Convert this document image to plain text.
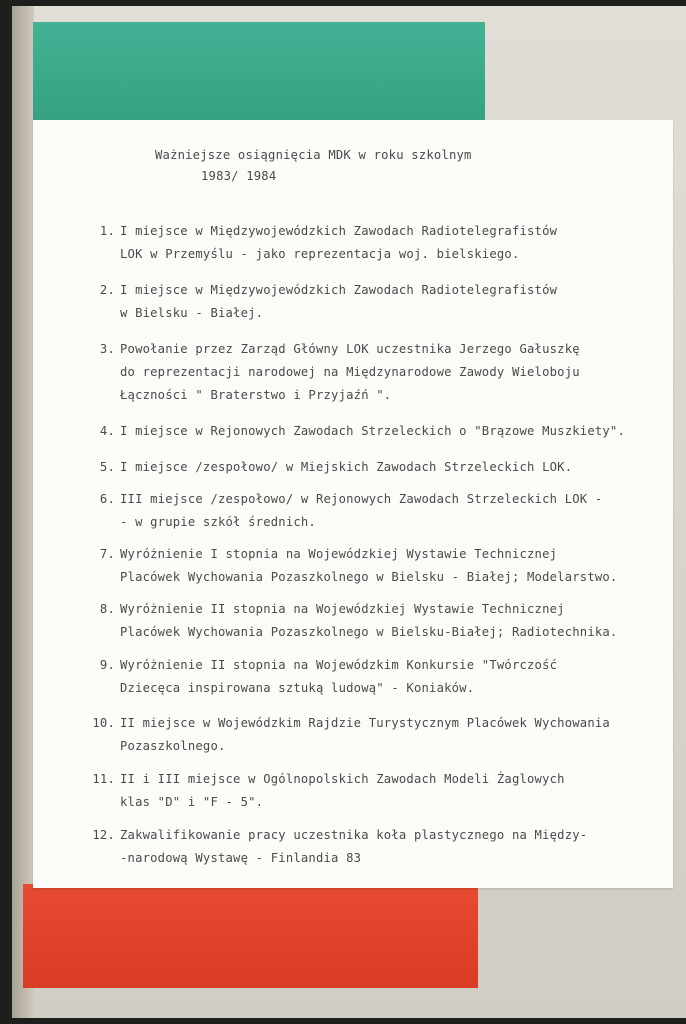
Ważniejsze osiągnięcia MDK w roku szkolnym
1983/ 1984
1. I miejsce w Międzywojewódzkich Zawodach Radiotelegrafistów
LOK w Przemyślu - jako reprezentacja woj. bielskiego.
2. I miejsce w Międzywojewódzkich Zawodach Radiotelegrafistów
w Bielsku - Białej.
3. Powołanie przez Zarząd Główny LOK uczestnika Jerzego Gałuszkę
do reprezentacji narodowej na Międzynarodowe Zawody Wieloboju
Łączności " Braterstwo i Przyjaźń ".
4. I miejsce w Rejonowych Zawodach Strzeleckich o "Brązowe Muszkiety".
5. I miejsce /zespołowo/ w Miejskich Zawodach Strzeleckich LOK.
6. III miejsce /zespołowo/ w Rejonowych Zawodach Strzeleckich LOK -
- w grupie szkół średnich.
7. Wyróżnienie I stopnia na Wojewódzkiej Wystawie Technicznej
Placówek Wychowania Pozaszkolnego w Bielsku - Białej; Modelarstwo.
8. Wyróżnienie II stopnia na Wojewódzkiej Wystawie Technicznej
Placówek Wychowania Pozaszkolnego w Bielsku-Białej; Radiotechnika.
9. Wyróżnienie II stopnia na Wojewódzkim Konkursie "Twórczość
Dziecęca inspirowana sztuką ludową" - Koniaków.
10. II miejsce w Wojewódzkim Rajdzie Turystycznym Placówek Wychowania
Pozaszkolnego.
11. II i III miejsce w Ogólnopolskich Zawodach Modeli Żaglowych
klas "D" i "F - 5".
12. Zakwalifikowanie pracy uczestnika koła plastycznego na Między-
-narodową Wystawę - Finlandia 83
